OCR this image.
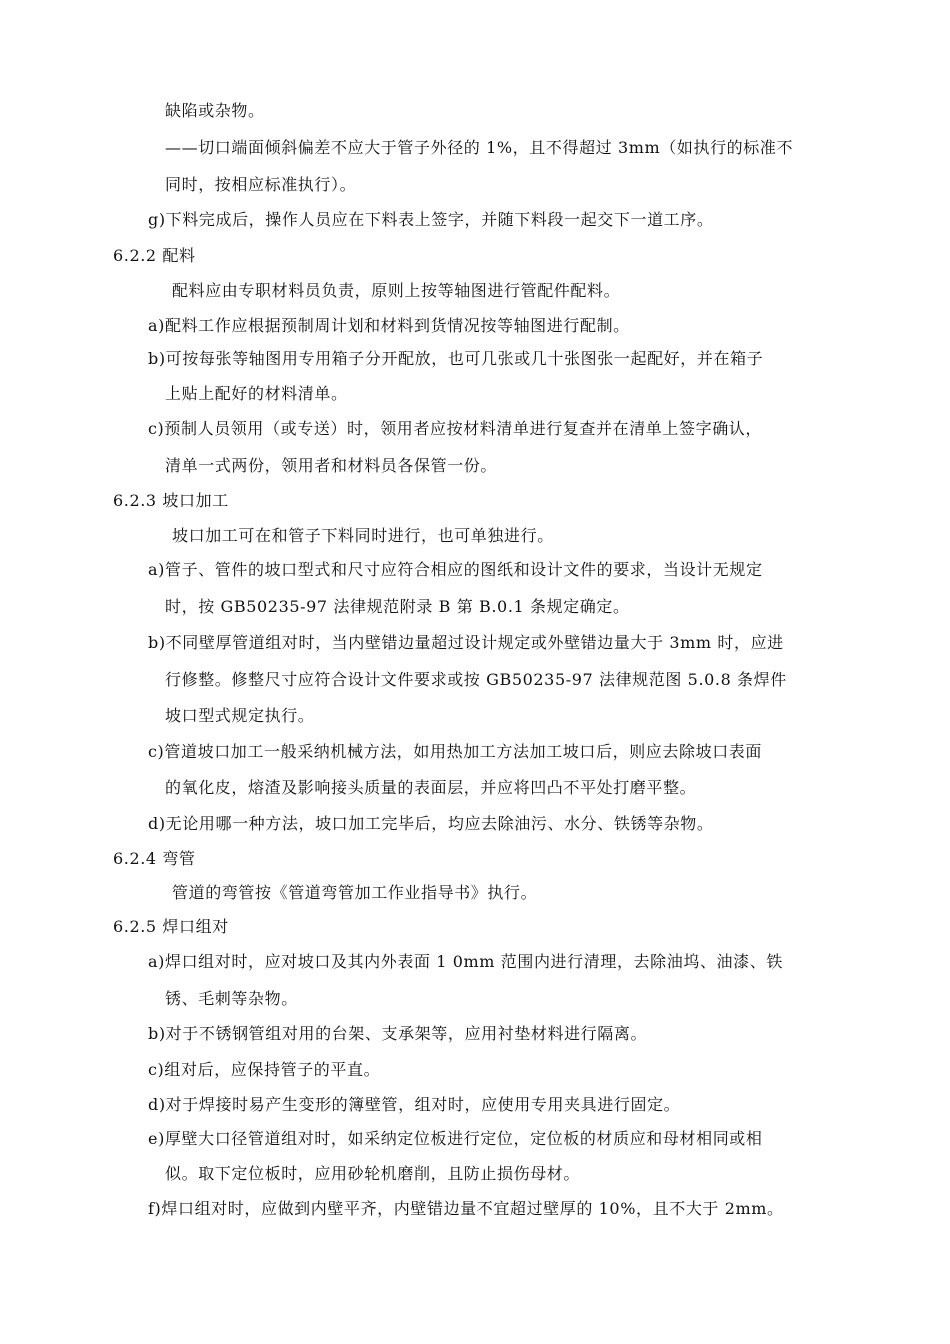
缺陷或杂物。
——切口端面倾斜偏差不应大于管子外径的 1%，且不得超过 3mm（如执行的标准不
同时，按相应标准执行）。
g)下料完成后，操作人员应在下料表上签字，并随下料段一起交下一道工序。
6.2.2 配料
配料应由专职材料员负责，原则上按等轴图进行管配件配料。
a)配料工作应根据预制周计划和材料到货情况按等轴图进行配制。
b)可按每张等轴图用专用箱子分开配放，也可几张或几十张图张一起配好，并在箱子
上贴上配好的材料清单。
c)预制人员领用（或专送）时，领用者应按材料清单进行复查并在清单上签字确认，
清单一式两份，领用者和材料员各保管一份。
6.2.3 坡口加工
坡口加工可在和管子下料同时进行，也可单独进行。
a)管子、管件的坡口型式和尺寸应符合相应的图纸和设计文件的要求，当设计无规定
时，按 GB50235-97 法律规范附录 B 第 B.0.1 条规定确定。
b)不同壁厚管道组对时，当内壁错边量超过设计规定或外壁错边量大于 3mm 时，应进
行修整。修整尺寸应符合设计文件要求或按 GB50235-97 法律规范图 5.0.8 条焊件
坡口型式规定执行。
c)管道坡口加工一般采纳机械方法，如用热加工方法加工坡口后，则应去除坡口表面
的氧化皮，熔渣及影响接头质量的表面层，并应将凹凸不平处打磨平整。
d)无论用哪一种方法，坡口加工完毕后，均应去除油污、水分、铁锈等杂物。
6.2.4 弯管
管道的弯管按《管道弯管加工作业指导书》执行。
6.2.5 焊口组对
a)焊口组对时，应对坡口及其内外表面 1 0mm 范围内进行清理，去除油坞、油漆、铁
锈、毛刺等杂物。
b)对于不锈钢管组对用的台架、支承架等，应用衬垫材料进行隔离。
c)组对后，应保持管子的平直。
d)对于焊接时易产生变形的簿壁管，组对时，应使用专用夹具进行固定。
e)厚壁大口径管道组对时，如采纳定位板进行定位，定位板的材质应和母材相同或相
似。取下定位板时，应用砂轮机磨削，且防止损伤母材。
f)焊口组对时，应做到内壁平齐，内壁错边量不宜超过壁厚的 10%，且不大于 2mm。
